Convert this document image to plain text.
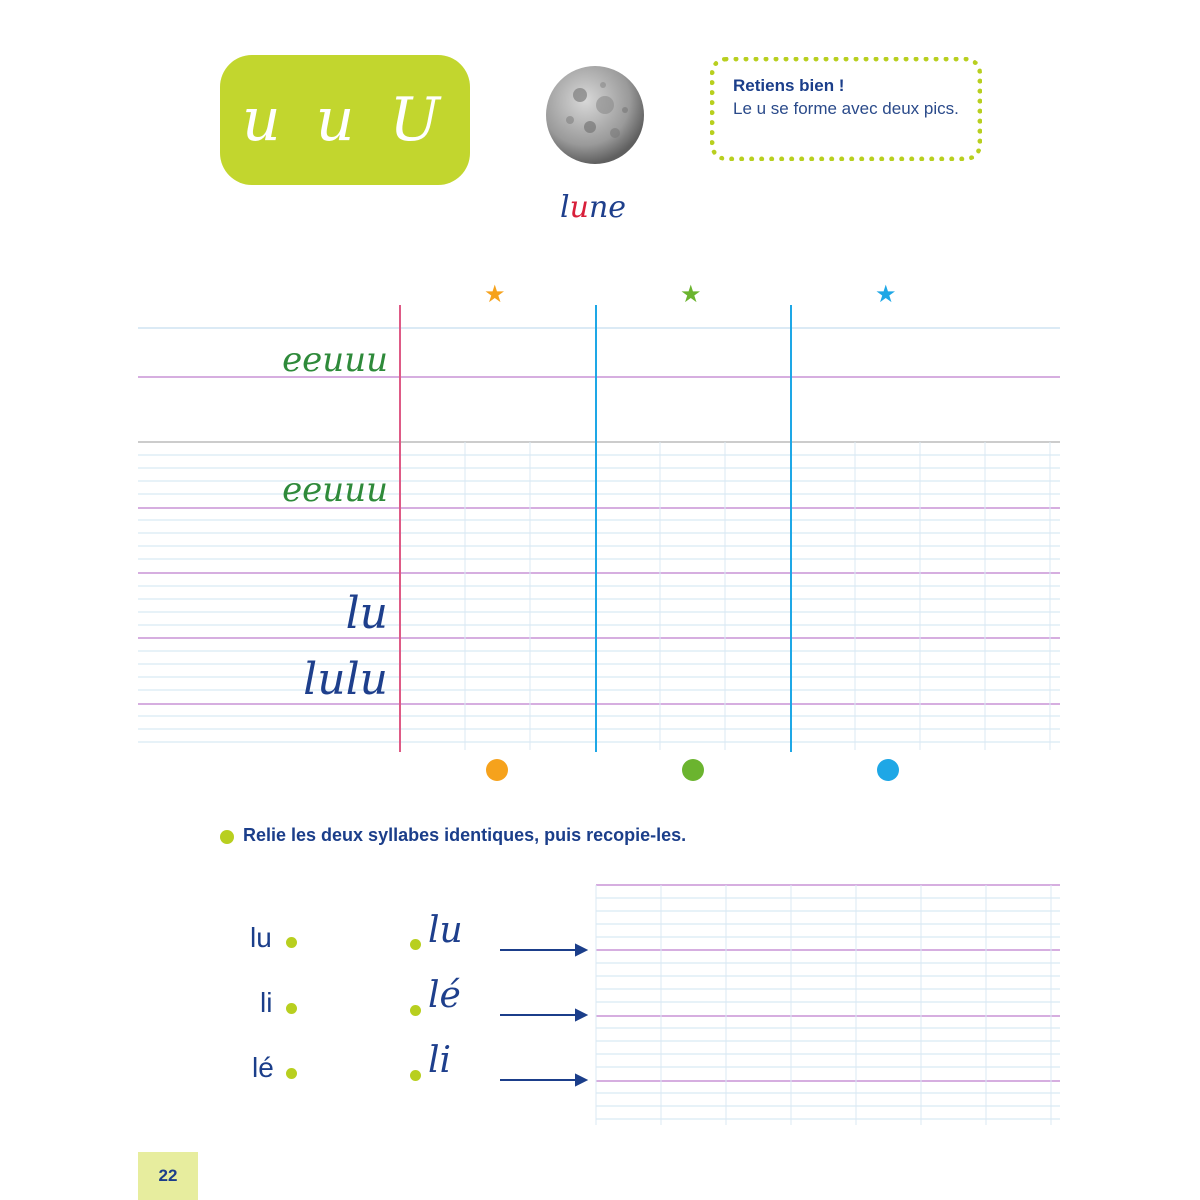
u u U	Retiens bien !
Le u se forme avec deux pics.
lune
★	★	★
eeuuu
eeuuu
lu
lulu
Relie les deux syllabes identiques, puis recopie-les.
lu
li
lé
lu
lé
li
22
